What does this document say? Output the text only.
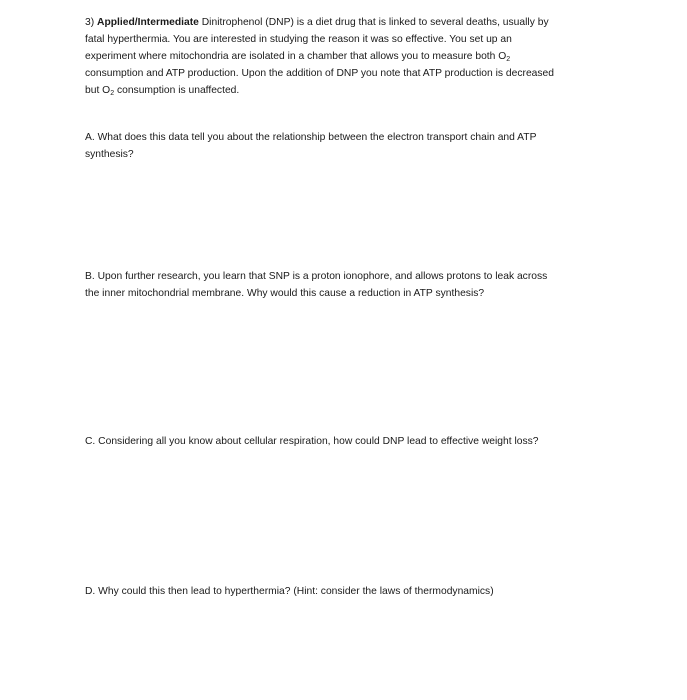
3) Applied/Intermediate Dinitrophenol (DNP) is a diet drug that is linked to several deaths, usually by
fatal hyperthermia. You are interested in studying the reason it was so effective. You set up an
experiment where mitochondria are isolated in a chamber that allows you to measure both $O_2$
consumption and ATP production. Upon the addition of DNP you note that ATP production is decreased
but $O_2$ consumption is unaffected.
A. What does this data tell you about the relationship between the electron transport chain and ATP
synthesis?
B. Upon further research, you learn that SNP is a proton ionophore, and allows protons to leak across
the inner mitochondrial membrane. Why would this cause a reduction in ATP synthesis?
C. Considering all you know about cellular respiration, how could DNP lead to effective weight loss?
D. Why could this then lead to hyperthermia? (Hint: consider the laws of thermodynamics)
